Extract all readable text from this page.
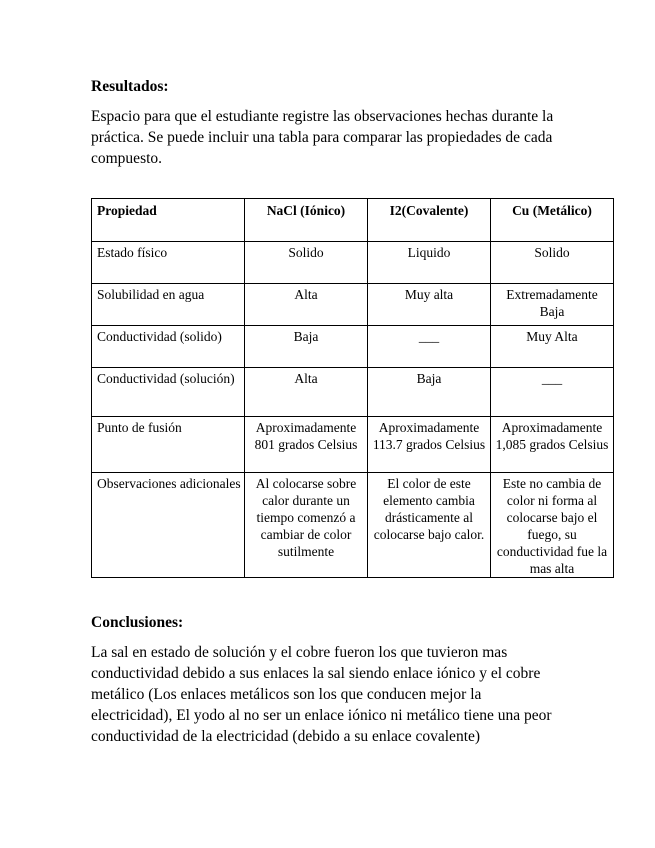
Resultados:

Espacio para que el estudiante registre las observaciones hechas durante la práctica. Se puede incluir una tabla para comparar las propiedades de cada compuesto.

Propiedad	NaCl (Iónico)	I2(Covalente)	Cu (Metálico)
Estado físico	Solido	Liquido	Solido
Solubilidad en agua	Alta	Muy alta	Extremadamente Baja
Conductividad (solido)	Baja	___	Muy Alta
Conductividad (solución)	Alta	Baja	___
Punto de fusión	Aproximadamente 801 grados Celsius	Aproximadamente 113.7 grados Celsius	Aproximadamente 1,085 grados Celsius
Observaciones adicionales	Al colocarse sobre calor durante un tiempo comenzó a cambiar de color sutilmente	El color de este elemento cambia drásticamente al colocarse bajo calor.	Este no cambia de color ni forma al colocarse bajo el fuego, su conductividad fue la mas alta
Conclusiones:

La sal en estado de solución y el cobre fueron los que tuvieron mas conductividad debido a sus enlaces la sal siendo enlace iónico y el cobre metálico (Los enlaces metálicos son los que conducen mejor la electricidad), El yodo al no ser un enlace iónico ni metálico tiene una peor conductividad de la electricidad (debido a su enlace covalente)
